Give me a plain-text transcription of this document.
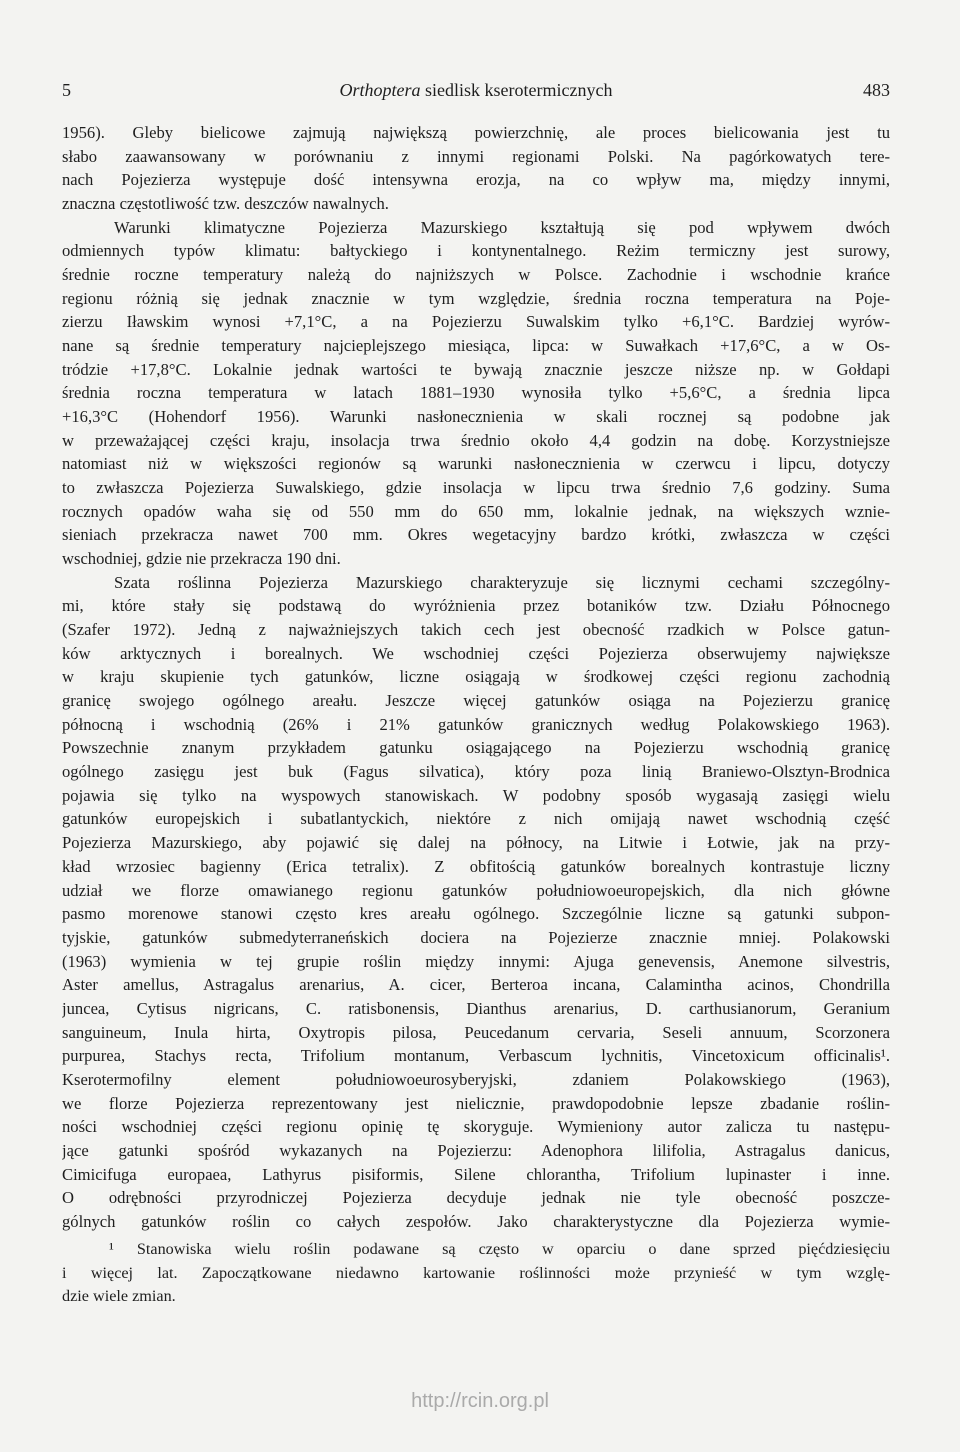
5	Orthoptera siedlisk kserotermicznych	483
1956). Gleby bielicowe zajmują największą powierzchnię, ale proces bielicowania jest tu
słabo zaawansowany w porównaniu z innymi regionami Polski. Na pagórkowatych tere-
nach Pojezierza występuje dość intensywna erozja, na co wpływ ma, między innymi,
znaczna częstotliwość tzw. deszczów nawalnych.
Warunki klimatyczne Pojezierza Mazurskiego kształtują się pod wpływem dwóch
odmiennych typów klimatu: bałtyckiego i kontynentalnego. Reżim termiczny jest surowy,
średnie roczne temperatury należą do najniższych w Polsce. Zachodnie i wschodnie krańce
regionu różnią się jednak znacznie w tym względzie, średnia roczna temperatura na Poje-
zierzu Iławskim wynosi +7,1°C, a na Pojezierzu Suwalskim tylko +6,1°C. Bardziej wyrów-
nane są średnie temperatury najcieplejszego miesiąca, lipca: w Suwałkach +17,6°C, a w Os-
tródzie +17,8°C. Lokalnie jednak wartości te bywają znacznie jeszcze niższe np. w Gołdapi
średnia roczna temperatura w latach 1881–1930 wynosiła tylko +5,6°C, a średnia lipca
+16,3°C (Hohendorf 1956). Warunki nasłonecznienia w skali rocznej są podobne jak
w przeważającej części kraju, insolacja trwa średnio około 4,4 godzin na dobę. Korzystniejsze
natomiast niż w większości regionów są warunki nasłonecznienia w czerwcu i lipcu, dotyczy
to zwłaszcza Pojezierza Suwalskiego, gdzie insolacja w lipcu trwa średnio 7,6 godziny. Suma
rocznych opadów waha się od 550 mm do 650 mm, lokalnie jednak, na większych wznie-
sieniach przekracza nawet 700 mm. Okres wegetacyjny bardzo krótki, zwłaszcza w części
wschodniej, gdzie nie przekracza 190 dni.
Szata roślinna Pojezierza Mazurskiego charakteryzuje się licznymi cechami szczególny-
mi, które stały się podstawą do wyróżnienia przez botaników tzw. Działu Północnego
(Szafer 1972). Jedną z najważniejszych takich cech jest obecność rzadkich w Polsce gatun-
ków arktycznych i borealnych. We wschodniej części Pojezierza obserwujemy największe
w kraju skupienie tych gatunków, liczne osiągają w środkowej części regionu zachodnią
granicę swojego ogólnego areału. Jeszcze więcej gatunków osiąga na Pojezierzu granicę
północną i wschodnią (26% i 21% gatunków granicznych według Polakowskiego 1963).
Powszechnie znanym przykładem gatunku osiągającego na Pojezierzu wschodnią granicę
ogólnego zasięgu jest buk (Fagus silvatica), który poza linią Braniewo-Olsztyn-Brodnica
pojawia się tylko na wyspowych stanowiskach. W podobny sposób wygasają zasięgi wielu
gatunków europejskich i subatlantyckich, niektóre z nich omijają nawet wschodnią część
Pojezierza Mazurskiego, aby pojawić się dalej na północy, na Litwie i Łotwie, jak na przy-
kład wrzosiec bagienny (Erica tetralix). Z obfitością gatunków borealnych kontrastuje liczny
udział we florze omawianego regionu gatunków południowoeuropejskich, dla nich główne
pasmo morenowe stanowi często kres areału ogólnego. Szczególnie liczne są gatunki subpon-
tyjskie, gatunków submedyterraneńskich dociera na Pojezierze znacznie mniej. Polakowski
(1963) wymienia w tej grupie roślin między innymi: Ajuga genevensis, Anemone silvestris,
Aster amellus, Astragalus arenarius, A. cicer, Berteroa incana, Calamintha acinos, Chondrilla
juncea, Cytisus nigricans, C. ratisbonensis, Dianthus arenarius, D. carthusianorum, Geranium
sanguineum, Inula hirta, Oxytropis pilosa, Peucedanum cervaria, Seseli annuum, Scorzonera
purpurea, Stachys recta, Trifolium montanum, Verbascum lychnitis, Vincetoxicum officinalis¹.
Kserotermofilny element południowoeurosyberyjski, zdaniem Polakowskiego (1963),
we florze Pojezierza reprezentowany jest nielicznie, prawdopodobnie lepsze zbadanie roślin-
ności wschodniej części regionu opinię tę skoryguje. Wymieniony autor zalicza tu następu-
jące gatunki spośród wykazanych na Pojezierzu: Adenophora lilifolia, Astragalus danicus,
Cimicifuga europaea, Lathyrus pisiformis, Silene chlorantha, Trifolium lupinaster i inne.
O odrębności przyrodniczej Pojezierza decyduje jednak nie tyle obecność poszcze-
gólnych gatunków roślin co całych zespołów. Jako charakterystyczne dla Pojezierza wymie-
¹ Stanowiska wielu roślin podawane są często w oparciu o dane sprzed pięćdziesięciu
i więcej lat. Zapoczątkowane niedawno kartowanie roślinności może przynieść w tym wzglę-
dzie wiele zmian.
http://rcin.org.pl
